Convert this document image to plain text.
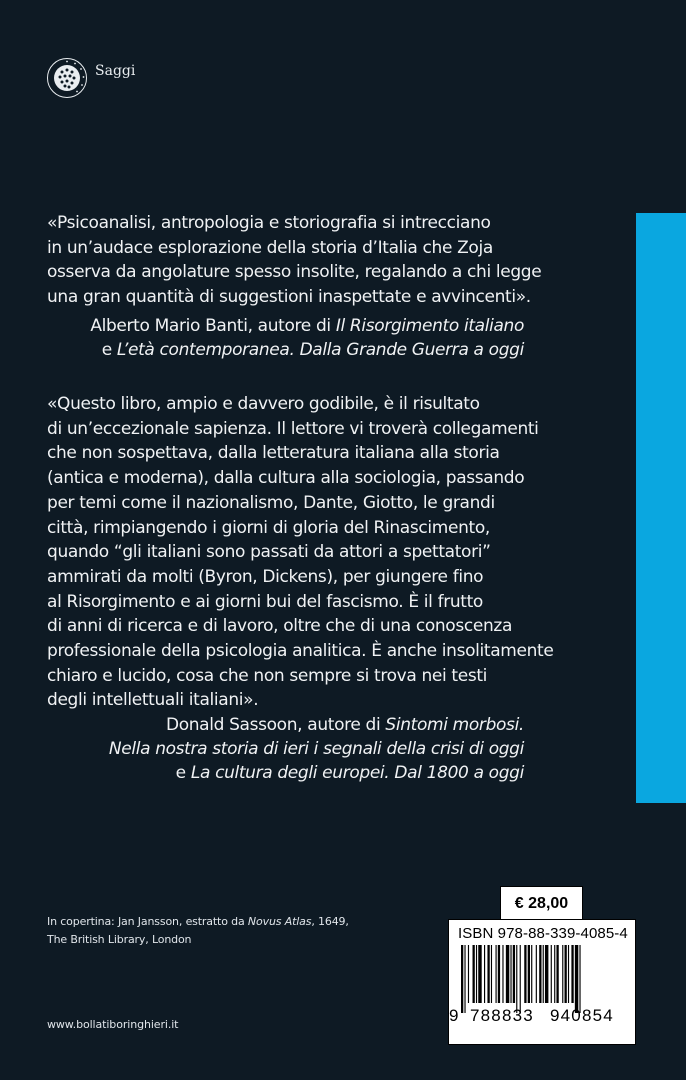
Saggi
«Psicoanalisi, antropologia e storiografia si intrecciano
in un’audace esplorazione della storia d’Italia che Zoja
osserva da angolature spesso insolite, regalando a chi legge
una gran quantità di suggestioni inaspettate e avvincenti».
Alberto Mario Banti, autore di Il Risorgimento italiano
e L’età contemporanea. Dalla Grande Guerra a oggi
«Questo libro, ampio e davvero godibile, è il risultato
di un’eccezionale sapienza. Il lettore vi troverà collegamenti
che non sospettava, dalla letteratura italiana alla storia
(antica e moderna), dalla cultura alla sociologia, passando
per temi come il nazionalismo, Dante, Giotto, le grandi
città, rimpiangendo i giorni di gloria del Rinascimento,
quando “gli italiani sono passati da attori a spettatori”
ammirati da molti (Byron, Dickens), per giungere fino
al Risorgimento e ai giorni bui del fascismo. È il frutto
di anni di ricerca e di lavoro, oltre che di una conoscenza
professionale della psicologia analitica. È anche insolitamente
chiaro e lucido, cosa che non sempre si trova nei testi
degli intellettuali italiani».
Donald Sassoon, autore di Sintomi morbosi.
Nella nostra storia di ieri i segnali della crisi di oggi
e La cultura degli europei. Dal 1800 a oggi
In copertina: Jan Jansson, estratto da Novus Atlas, 1649,
The British Library, London
www.bollatiboringhieri.it
€ 28,00
ISBN 978-88-339-4085-4
9 788833 940854
